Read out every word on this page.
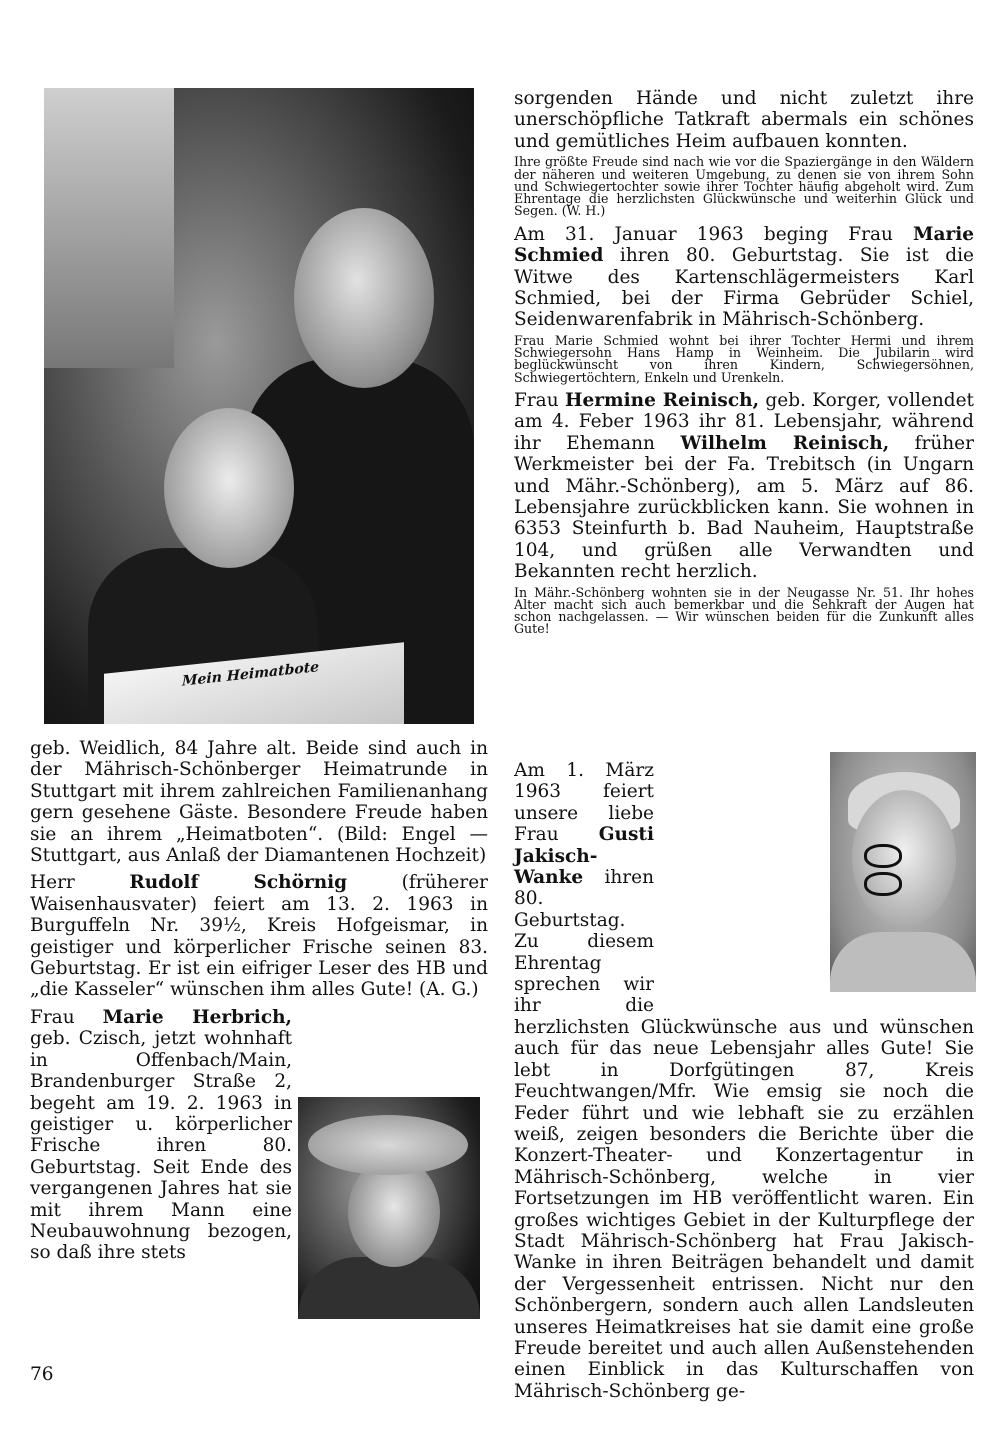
Mein Heimatbote

geb. Weidlich, 84 Jahre alt. Beide sind auch in der Mährisch-Schönberger Heimatrunde in Stuttgart mit ihrem zahlreichen Familienanhang gern gesehene Gäste. Besondere Freude haben sie an ihrem „Heimatboten“. (Bild: Engel — Stuttgart, aus Anlaß der Diamantenen Hochzeit)

Herr Rudolf Schörnig (früherer Waisenhausvater) feiert am 13. 2. 1963 in Burguffeln Nr. 39½, Kreis Hofgeismar, in geistiger und körperlicher Frische seinen 83. Geburtstag. Er ist ein eifriger Leser des HB und „die Kasseler“ wünschen ihm alles Gute! (A. G.)

Frau Marie Herbrich, geb. Czisch, jetzt wohnhaft in Offenbach/Main, Brandenburger Straße 2, begeht am 19. 2. 1963 in geistiger u. körperlicher Frische ihren 80. Geburtstag. Seit Ende des vergangenen Jahres hat sie mit ihrem Mann eine Neubauwohnung bezogen, so daß ihre stets

sorgenden Hände und nicht zuletzt ihre unerschöpfliche Tatkraft abermals ein schönes und gemütliches Heim aufbauen konnten.

Ihre größte Freude sind nach wie vor die Spaziergänge in den Wäldern der näheren und weiteren Umgebung, zu denen sie von ihrem Sohn und Schwiegertochter sowie ihrer Tochter häufig abgeholt wird. Zum Ehrentage die herzlichsten Glückwünsche und weiterhin Glück und Segen. (W. H.)

Am 31. Januar 1963 beging Frau Marie Schmied ihren 80. Geburtstag. Sie ist die Witwe des Kartenschlägermeisters Karl Schmied, bei der Firma Gebrüder Schiel, Seidenwarenfabrik in Mährisch-Schönberg.

Frau Marie Schmied wohnt bei ihrer Tochter Hermi und ihrem Schwiegersohn Hans Hamp in Weinheim. Die Jubilarin wird beglückwünscht von ihren Kindern, Schwiegersöhnen, Schwiegertöchtern, Enkeln und Urenkeln.

Frau Hermine Reinisch, geb. Korger, vollendet am 4. Feber 1963 ihr 81. Lebensjahr, während ihr Ehemann Wilhelm Reinisch, früher Werkmeister bei der Fa. Trebitsch (in Ungarn und Mähr.-Schönberg), am 5. März auf 86. Lebensjahre zurückblicken kann. Sie wohnen in 6353 Steinfurth b. Bad Nauheim, Hauptstraße 104, und grüßen alle Verwandten und Bekannten recht herzlich.

In Mähr.-Schönberg wohnten sie in der Neugasse Nr. 51. Ihr hohes Alter macht sich auch bemerkbar und die Sehkraft der Augen hat schon nachgelassen. — Wir wünschen beiden für die Zunkunft alles Gute!

Am 1. März 1963 feiert unsere liebe Frau Gusti Jakisch-Wanke ihren 80. Geburtstag. Zu diesem Ehrentag sprechen wir ihr die herzlichsten Glückwünsche aus und wünschen auch für das neue Lebensjahr alles Gute! Sie lebt in Dorfgütingen 87, Kreis Feuchtwangen/Mfr. Wie emsig sie noch die Feder führt und wie lebhaft sie zu erzählen weiß, zeigen besonders die Berichte über die Konzert-Theater- und Konzertagentur in Mährisch-Schönberg, welche in vier Fortsetzungen im HB veröffentlicht waren. Ein großes wichtiges Gebiet in der Kulturpflege der Stadt Mährisch-Schönberg hat Frau Jakisch-Wanke in ihren Beiträgen behandelt und damit der Vergessenheit entrissen. Nicht nur den Schönbergern, sondern auch allen Landsleuten unseres Heimatkreises hat sie damit eine große Freude bereitet und auch allen Außenstehenden einen Einblick in das Kulturschaffen von Mährisch-Schönberg ge-

76
